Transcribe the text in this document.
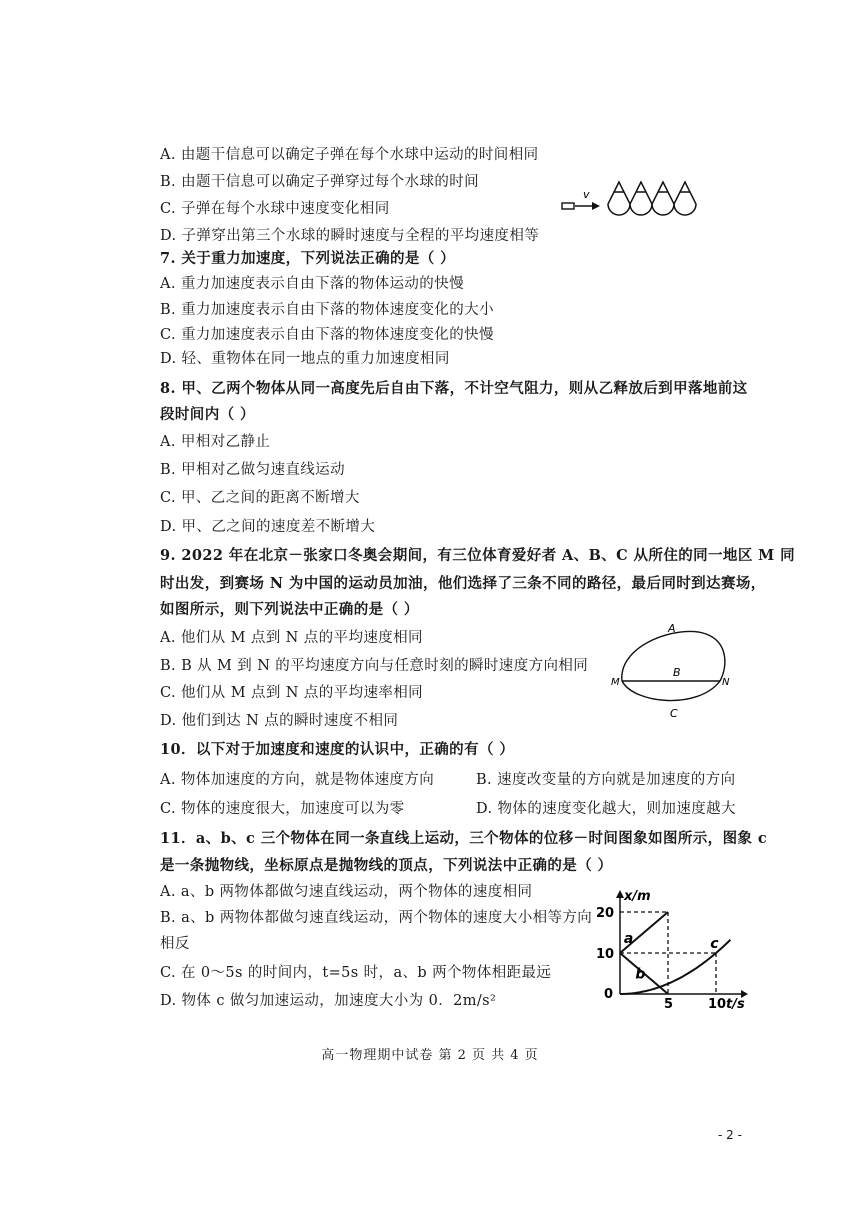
A. 由题干信息可以确定子弹在每个水球中运动的时间相同
B. 由题干信息可以确定子弹穿过每个水球的时间
C. 子弹在每个水球中速度变化相同
D. 子弹穿出第三个水球的瞬时速度与全程的平均速度相等
v
7. 关于重力加速度，下列说法正确的是（ ）
A. 重力加速度表示自由下落的物体运动的快慢
B. 重力加速度表示自由下落的物体速度变化的大小
C. 重力加速度表示自由下落的物体速度变化的快慢
D. 轻、重物体在同一地点的重力加速度相同
8. 甲、乙两个物体从同一高度先后自由下落，不计空气阻力，则从乙释放后到甲落地前这
段时间内（ ）
A. 甲相对乙静止
B. 甲相对乙做匀速直线运动
C. 甲、乙之间的距离不断增大
D. 甲、乙之间的速度差不断增大
9. 2022 年在北京－张家口冬奥会期间，有三位体育爱好者 A、B、C 从所住的同一地区 M 同
时出发，到赛场 N 为中国的运动员加油，他们选择了三条不同的路径，最后同时到达赛场，
如图所示，则下列说法中正确的是（ ）
A. 他们从 M 点到 N 点的平均速度相同
B. B 从 M 到 N 的平均速度方向与任意时刻的瞬时速度方向相同
C. 他们从 M 点到 N 点的平均速率相同
D. 他们到达 N 点的瞬时速度不相同
A
B
C
M	N
10．以下对于加速度和速度的认识中，正确的有（ ）
A. 物体加速度的方向，就是物体速度方向	B. 速度改变量的方向就是加速度的方向
C. 物体的速度很大，加速度可以为零	D. 物体的速度变化越大，则加速度越大
11．a、b、c 三个物体在同一条直线上运动，三个物体的位移－时间图象如图所示，图象 c
是一条抛物线，坐标原点是抛物线的顶点，下列说法中正确的是（ ）
A. a、b 两物体都做匀速直线运动，两个物体的速度相同
B. a、b 两物体都做匀速直线运动，两个物体的速度大小相等方向
相反
C. 在 0～5s 的时间内，t=5s 时，a、b 两个物体相距最远
D. 物体 c 做匀加速运动，加速度大小为 0．2m/s²
a
b
c
20
10
0
5	10
x/m
t/s
高一物理期中试卷 第 2 页 共 4 页
- 2 -
